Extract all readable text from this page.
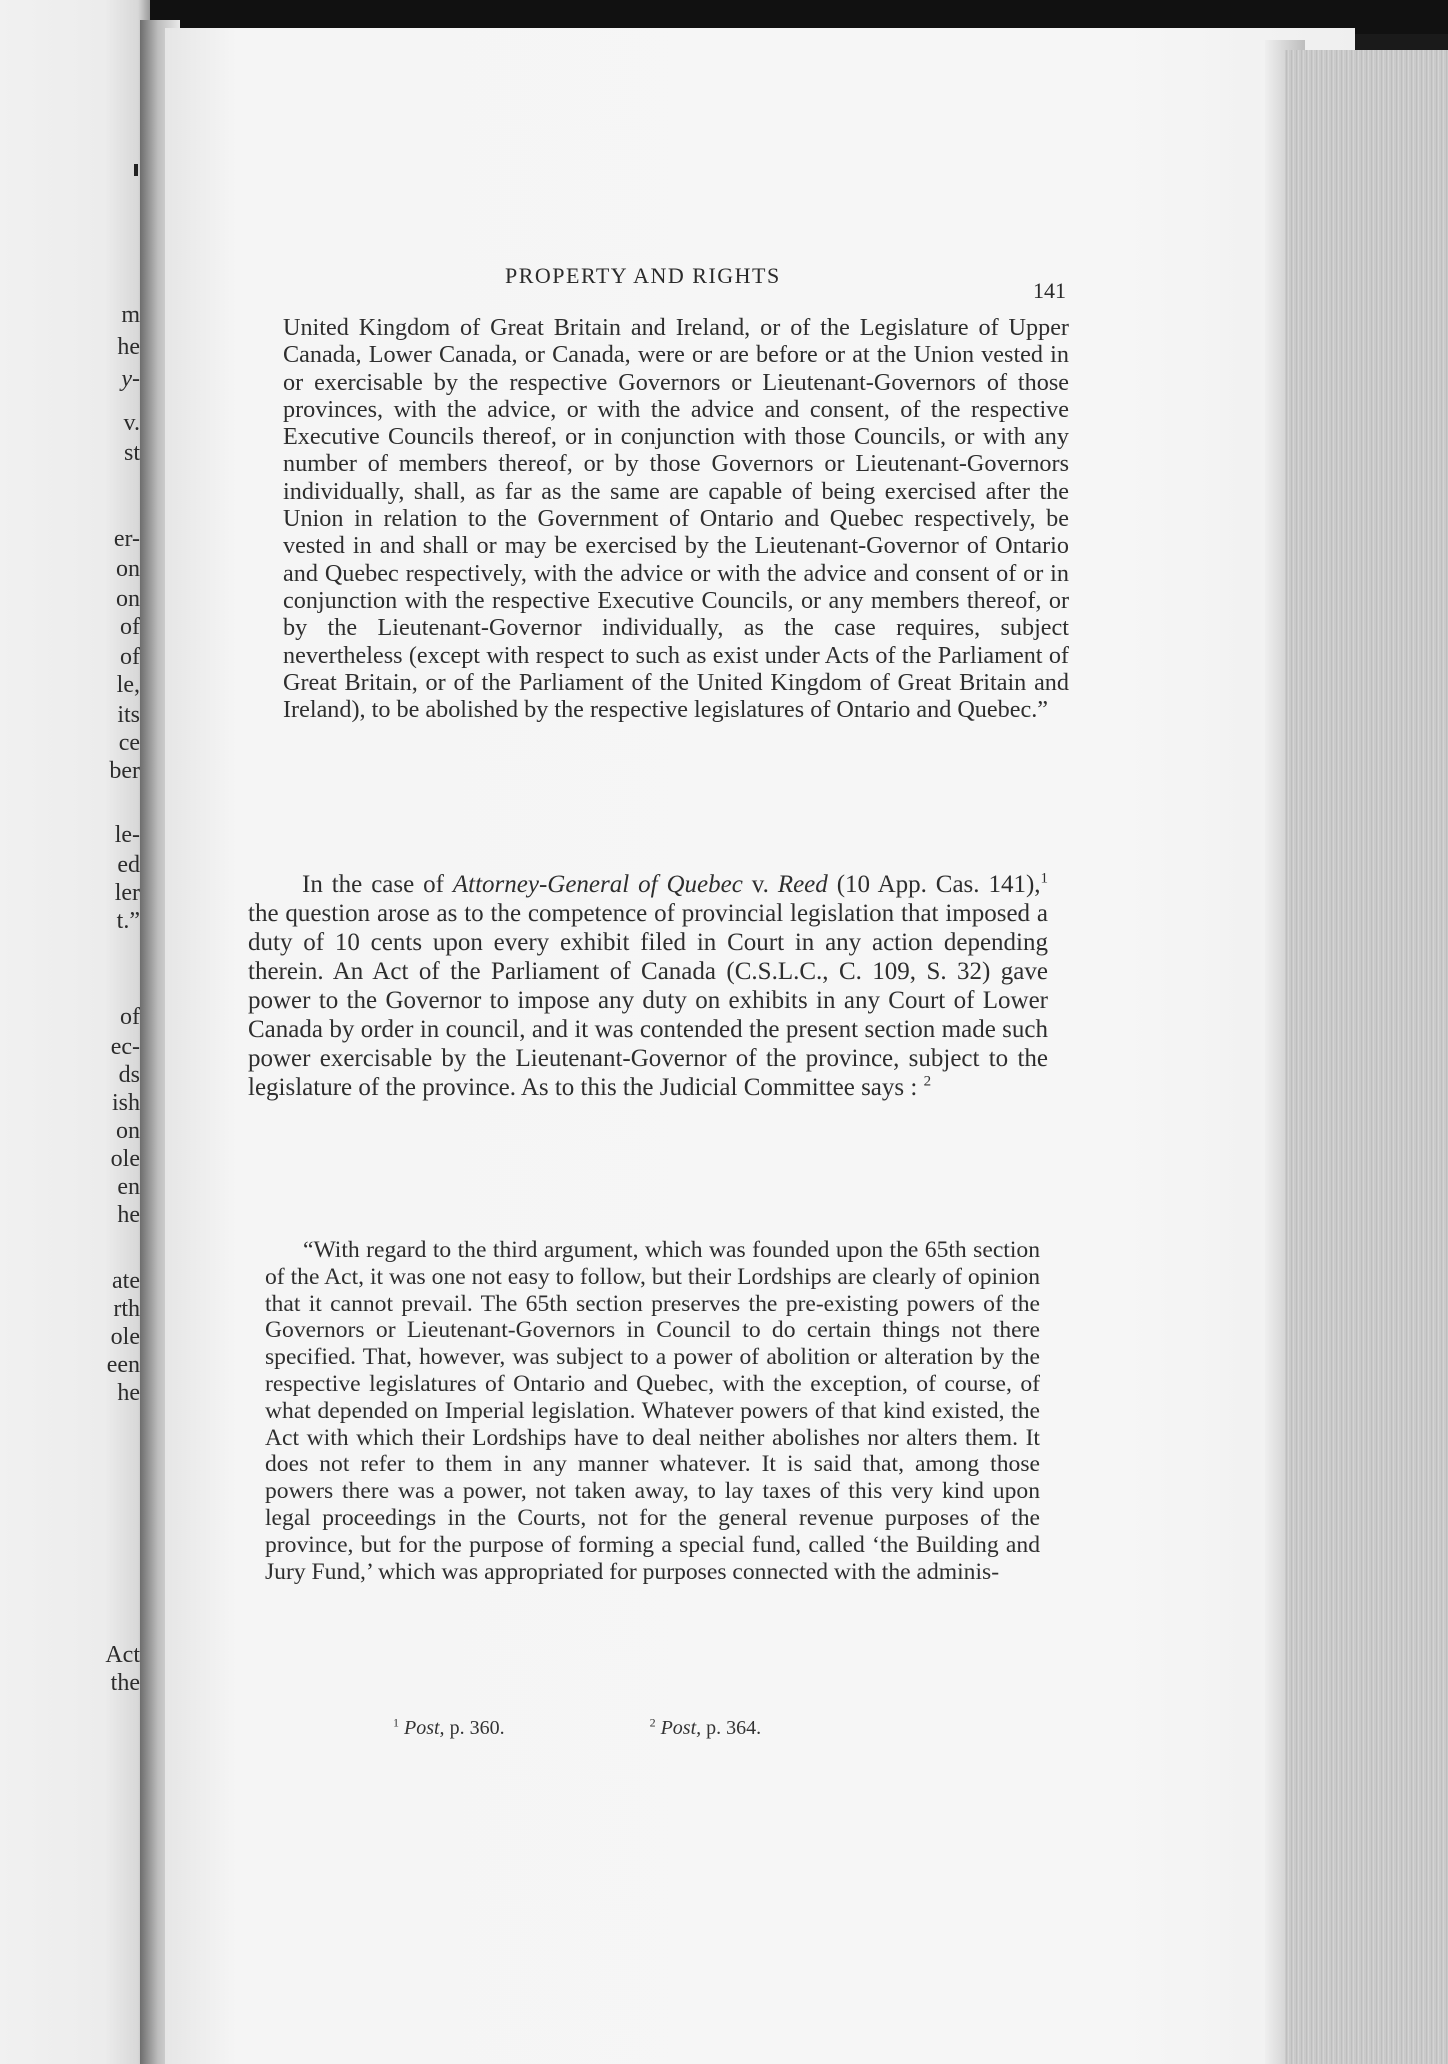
m
he
y-
v.
st
er-
on
on
of
of
le,
its
ce
ber
le-
ed
ler
t.”
of
ec-
ds
ish
on
ole
en
he
ate
rth
ole
een
he
Act
the
PROPERTY AND RIGHTS
141
United Kingdom of Great Britain and Ireland, or of the Legislature of Upper Canada, Lower Canada, or Canada, were or are before or at the Union vested in or exercisable by the respective Governors or Lieutenant-Governors of those provinces, with the advice, or with the advice and consent, of the respective Executive Councils thereof, or in conjunction with those Councils, or with any number of members thereof, or by those Governors or Lieutenant-Governors individually, shall, as far as the same are capable of being exercised after the Union in relation to the Government of Ontario and Quebec respectively, be vested in and shall or may be exercised by the Lieutenant-Governor of Ontario and Quebec respectively, with the advice or with the advice and consent of or in conjunction with the respective Executive Councils, or any members thereof, or by the Lieutenant-Governor individually, as the case requires, subject nevertheless (except with respect to such as exist under Acts of the Parliament of Great Britain, or of the Parliament of the United Kingdom of Great Britain and Ireland), to be abolished by the respective legislatures of Ontario and Quebec.”
In the case of Attorney-General of Quebec v. Reed (10 App. Cas. 141),$^1$ the question arose as to the competence of provincial legislation that imposed a duty of 10 cents upon every exhibit filed in Court in any action depending therein. An Act of the Parliament of Canada (C.S.L.C., C. 109, S. 32) gave power to the Governor to impose any duty on exhibits in any Court of Lower Canada by order in council, and it was contended the present section made such power exercisable by the Lieutenant-Governor of the province, subject to the legislature of the province. As to this the Judicial Committee says : $^2$
“With regard to the third argument, which was founded upon the 65th section of the Act, it was one not easy to follow, but their Lordships are clearly of opinion that it cannot prevail. The 65th section preserves the pre-existing powers of the Governors or Lieutenant-Governors in Council to do certain things not there specified. That, however, was subject to a power of abolition or alteration by the respective legislatures of Ontario and Quebec, with the exception, of course, of what depended on Imperial legislation. Whatever powers of that kind existed, the Act with which their Lordships have to deal neither abolishes nor alters them. It does not refer to them in any manner whatever. It is said that, among those powers there was a power, not taken away, to lay taxes of this very kind upon legal proceedings in the Courts, not for the general revenue purposes of the province, but for the purpose of forming a special fund, called ‘the Building and Jury Fund,’ which was appropriated for purposes connected with the adminis-
$^1$ Post, p. 360.	$^2$ Post, p. 364.
